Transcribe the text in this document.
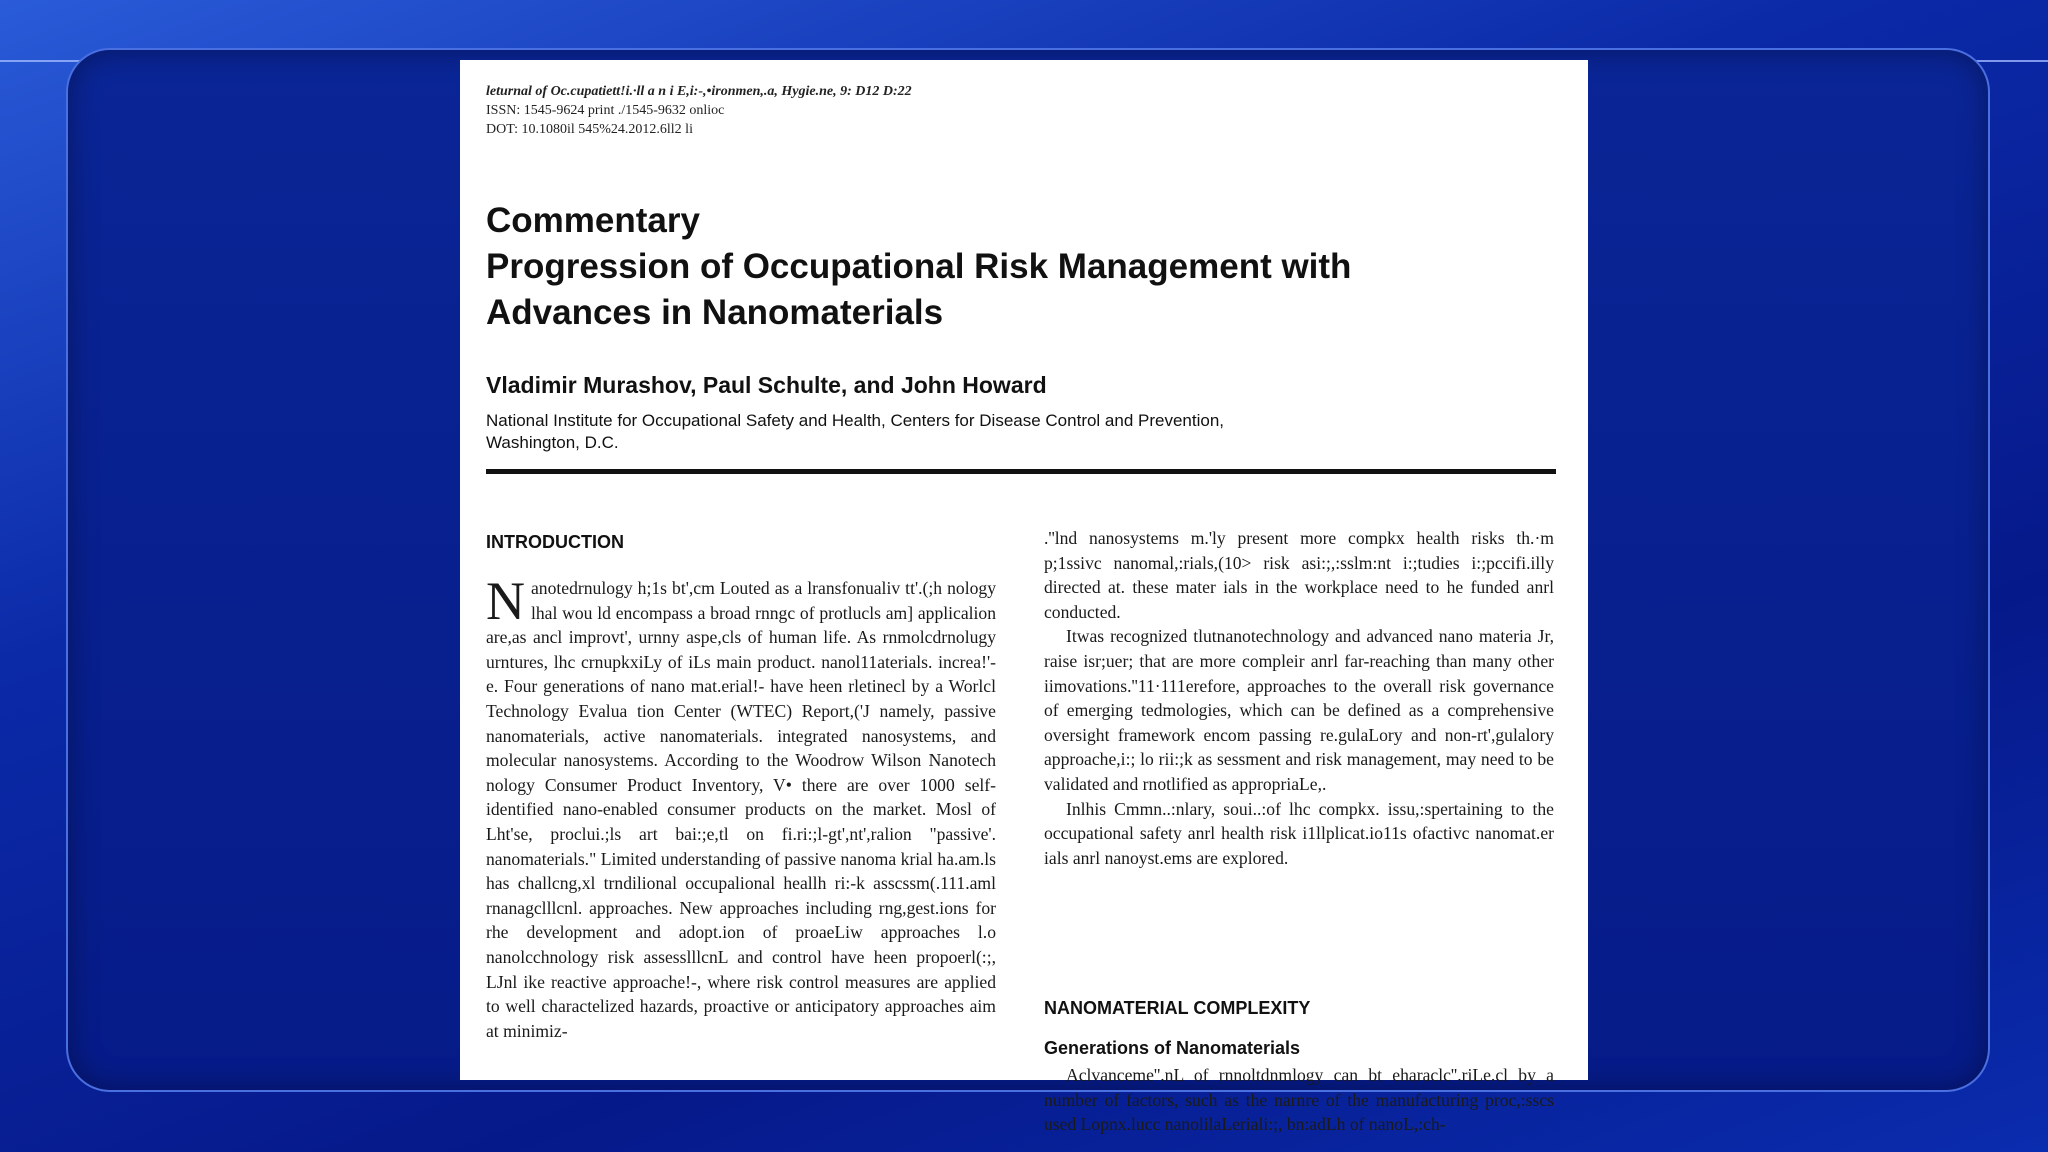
leturnal of Oc.cupatiett!i.·ll a n i E,i:-,•ironmen,.a, Hygie.ne, 9: D12 D:22
ISSN: 1545-9624 print ./1545-9632 onlioc
DOT: 10.1080il 545%24.2012.6ll2 li
Commentary
Progression of Occupational Risk Management with
Advances in Nanomaterials
Vladimir Murashov, Paul Schulte, and John Howard
National Institute for Occupational Safety and Health, Centers for Disease Control and Prevention,
Washington, D.C.
INTRODUCTION
N anotedrnulogy h;1s bt',cm Louted as a lransfonualiv tt'.(;h nology lhal wou ld encompass a broad rnngc of protlucls am] applicalion are,as ancl improvt', urnny aspe,cls of human life. As rnmolcdrnolugy urntures, lhc crnupkxiLy of iLs main product. nanol11aterials. increa!'-e. Four generations of nano mat.erial!- have heen rletinecl by a Worlcl Technology Evalua tion Center (WTEC) Report,('J namely, passive nanomaterials, active nanomaterials. integrated nanosystems, and molecular nanosystems. According to the Woodrow Wilson Nanotech nology Consumer Product Inventory, V• there are over 1000 self-identified nano-enabled consumer products on the market. Mosl of Lht'se, proclui.;ls art bai:;e,tl on fi.ri:;l-gt',nt',ralion "passive'. nanomaterials." Limited understanding of passive nanoma krial ha.am.ls has challcng,xl trndilional occupalional heallh ri:-k asscssm(.111.aml rnanagclllcnl. approaches. New approaches including rng,gest.ions for rhe development and adopt.ion of proaeLiw approaches l.o nanolcchnology risk assesslllcnL and control have heen propoerl(:;, LJnl ike reactive approache!-, where risk control measures are applied to well charactelized hazards, proactive or anticipatory approaches aim at minimiz-

.''lnd nanosystems m.'ly present more compkx health risks th.·m p;1ssivc nanomal,:rials,(10> risk asi:;,:sslm:nt i:;tudies i:;pccifi.illy directed at. these mater ials in the workplace need to he funded anrl conducted.

Itwas recognized tlutnanotechnology and advanced nano materia Jr, raise isr;uer; that are more compleir anrl far-reaching than many other iimovations.''11·111erefore, approaches to the overall risk governance of emerging tedmologies, which can be defined as a comprehensive oversight framework encom passing re.gulaLory and non-rt',gulalory approache,i:; lo rii:;k as sessment and risk management, may need to be validated and rnotlified as appropriaLe,.

Inlhis Cmmn..:nlary, soui..:of lhc compkx. issu,:spertaining to the occupational safety anrl health risk i1llplicat.io11s ofactivc nanomat.er ials anrl nanoyst.ems are explored.

NANOMATERIAL COMPLEXITY
Generations of Nanomaterials

Aclvanceme''.nL of rnnoltdnmlogy can bt eharaclc''.riLe.cl by a number of factors, such as the narnre of the manufacturing proc,:sscs used Lopnx.lucc nanolilaLeriali:;, bn:adLh of nanoL,:ch-
